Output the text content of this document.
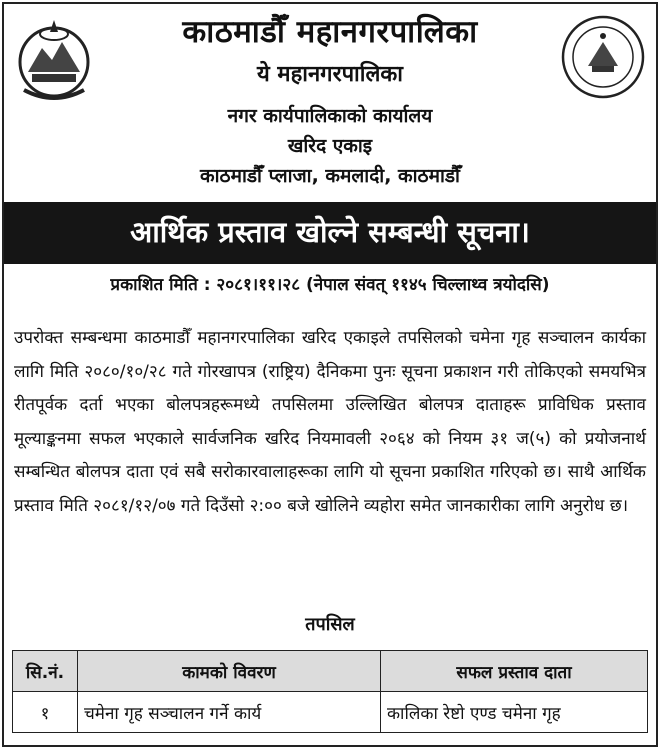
काठमाडौँ महानगरपालिका
ये महानगरपालिका
नगर कार्यपालिकाको कार्यालय
खरिद एकाइ
काठमाडौँ प्लाजा, कमलादी, काठमाडौँ
आर्थिक प्रस्ताव खोल्ने सम्बन्धी सूचना।
प्रकाशित मिति : २०८१।११।२८ (नेपाल संवत् ११४५ चिल्लाथ्व त्रयोदसि)
उपरोक्त सम्बन्धमा काठमाडौँ महानगरपालिका खरिद एकाइले तपसिलको चमेना गृह सञ्चालन कार्यका लागि मिति २०८०/१०/२८ गते गोरखापत्र (राष्ट्रिय) दैनिकमा पुनः सूचना प्रकाशन गरी तोकिएको समयभित्र रीतपूर्वक दर्ता भएका बोलपत्रहरूमध्ये तपसिलमा उल्लिखित बोलपत्र दाताहरू प्राविधिक प्रस्ताव मूल्याङ्कनमा सफल भएकाले सार्वजनिक खरिद नियमावली २०६४ को नियम ३१ ज(५) को प्रयोजनार्थ सम्बन्धित बोलपत्र दाता एवं सबै सरोकारवालाहरूका लागि यो सूचना प्रकाशित गरिएको छ। साथै आर्थिक प्रस्ताव मिति २०८१/१२/०७ गते दिउँसो २:०० बजे खोलिने व्यहोरा समेत जानकारीका लागि अनुरोध छ।
तपसिल
सि.नं.	कामको विवरण	सफल प्रस्ताव दाता
१	चमेना गृह सञ्चालन गर्ने कार्य	कालिका रेष्टो एण्ड चमेना गृह
